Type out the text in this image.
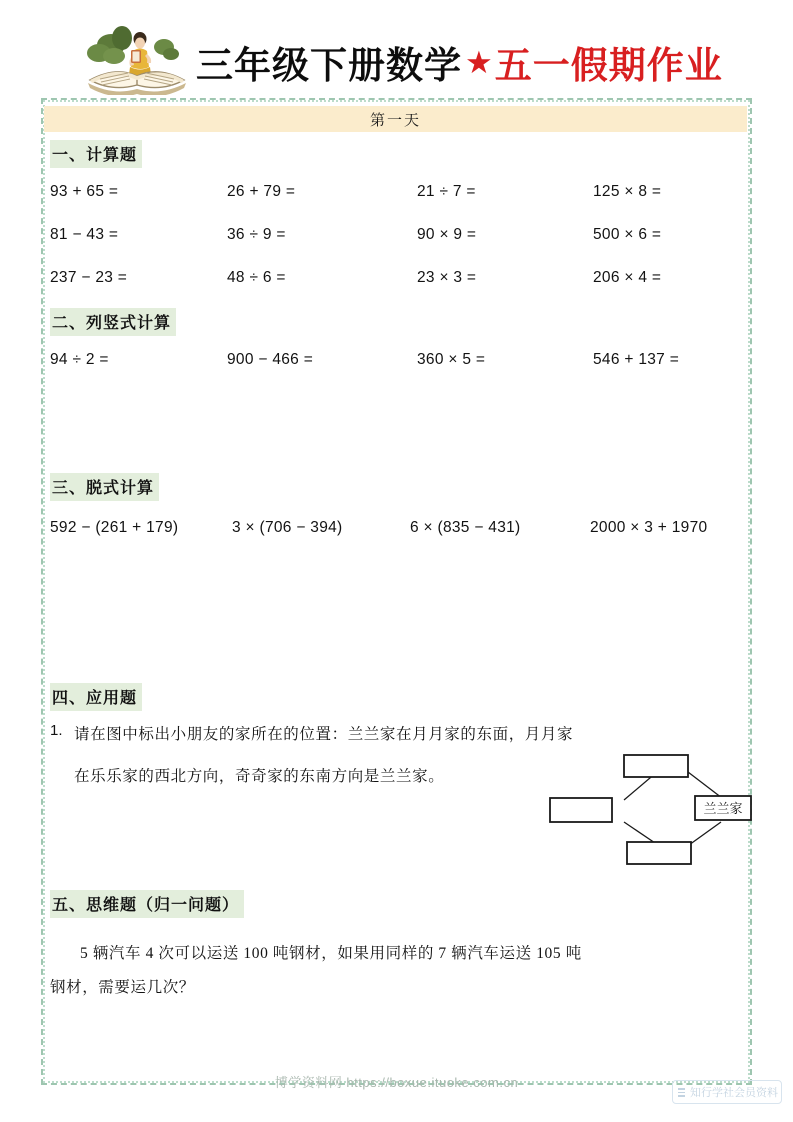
三年级下册数学 ★ 五一假期作业
第一天
一、计算题
93 + 65 =	26 + 79 =	21 ÷ 7 =	125 × 8 =
81 − 43 =	36 ÷ 9 =	90 × 9 =	500 × 6 =
237 − 23 =	48 ÷ 6 =	23 × 3 =	206 × 4 =
二、列竖式计算
94 ÷ 2 =	900 − 466 =	360 × 5 =	546 + 137 =
三、脱式计算
592 − (261 + 179)	3 × (706 − 394)	6 × (835 − 431)	2000 × 3 + 1970
四、应用题
1. 请在图中标出小朋友的家所在的位置：兰兰家在月月家的东面，月月家
在乐乐家的西北方向，奇奇家的东南方向是兰兰家。
兰兰家
五、思维题（归一问题）
5 辆汽车 4 次可以运送 100 吨钢材，如果用同样的 7 辆汽车运送 105 吨
钢材，需要运几次？
博学资料网 https://boxue.ituoke.com.cn
知行学社会员资料
